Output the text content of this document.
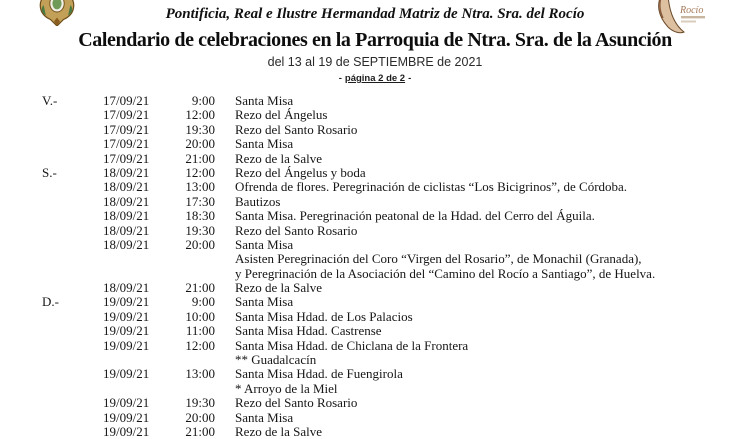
Rocío
Pontificia, Real e Ilustre Hermandad Matriz de Ntra. Sra. del Rocío
Calendario de celebraciones en la Parroquia de Ntra. Sra. de la Asunción
del 13 al 19 de SEPTIEMBRE de 2021
- página 2 de 2 -
V.-	17/09/21	9:00	Santa Misa
17/09/21	12:00	Rezo del Ángelus
17/09/21	19:30	Rezo del Santo Rosario
17/09/21	20:00	Santa Misa
17/09/21	21:00	Rezo de la Salve
S.-	18/09/21	12:00	Rezo del Ángelus y boda
18/09/21	13:00	Ofrenda de flores. Peregrinación de ciclistas “Los Bicigrinos”, de Córdoba.
18/09/21	17:30	Bautizos
18/09/21	18:30	Santa Misa. Peregrinación peatonal de la Hdad. del Cerro del Águila.
18/09/21	19:30	Rezo del Santo Rosario
18/09/21	20:00	Santa Misa
Asisten Peregrinación del Coro “Virgen del Rosario”, de Monachil (Granada),
y Peregrinación de la Asociación del “Camino del Rocío a Santiago”, de Huelva.
18/09/21	21:00	Rezo de la Salve
D.-	19/09/21	9:00	Santa Misa
19/09/21	10:00	Santa Misa Hdad. de Los Palacios
19/09/21	11:00	Santa Misa Hdad. Castrense
19/09/21	12:00	Santa Misa Hdad. de Chiclana de la Frontera
** Guadalcacín
19/09/21	13:00	Santa Misa Hdad. de Fuengirola
* Arroyo de la Miel
19/09/21	19:30	Rezo del Santo Rosario
19/09/21	20:00	Santa Misa
19/09/21	21:00	Rezo de la Salve
